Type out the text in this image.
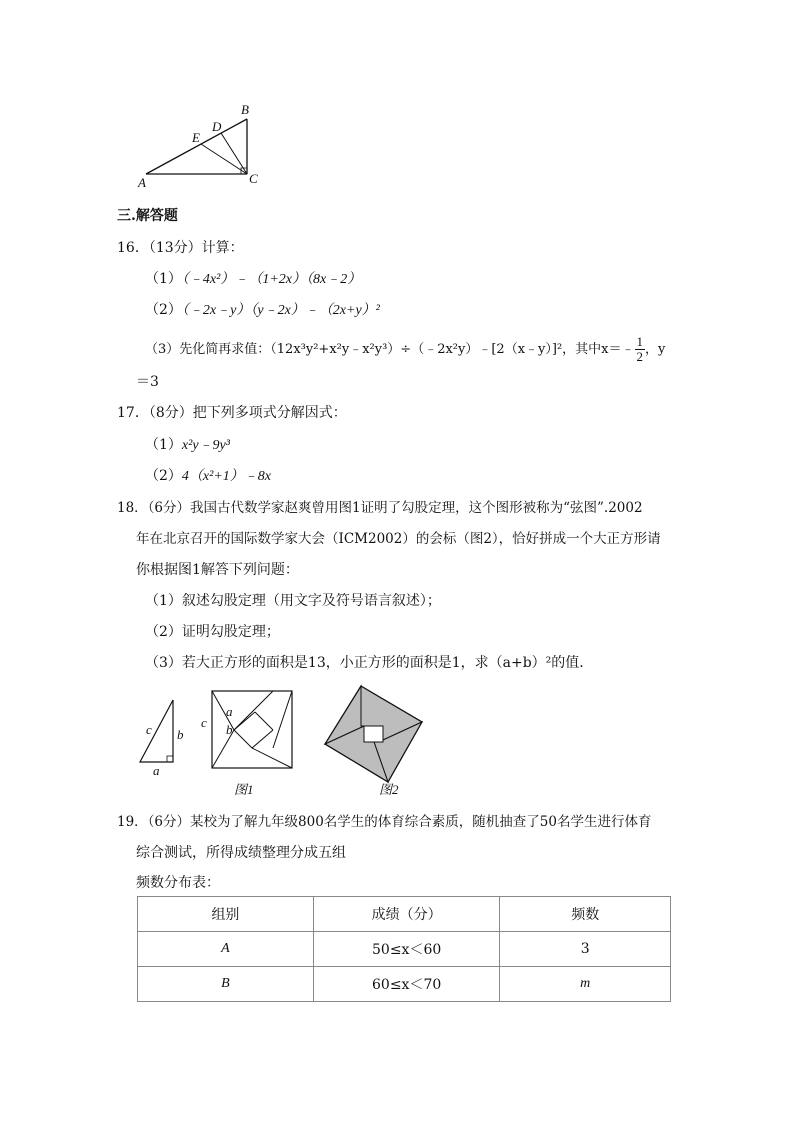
A
B
C
D
E
三.解答题
16．（13分）计算：
（1）（﹣4x²）﹣（1+2x）（8x﹣2）
（2）（﹣2x﹣y）（y﹣2x）﹣（2x+y）²
（3）先化简再求值：（12x³y²+x²y﹣x²y³）÷（﹣2x²y）﹣[2（x﹣y）]²，其中x＝﹣ $\frac{1}{2}$ ，y
＝3
17．（8分）把下列多项式分解因式：
（1）x²y﹣9y³
（2）4（x²+1）﹣8x
18．（6分）我国古代数学家赵爽曾用图1证明了勾股定理，这个图形被称为“弦图”.2002
年在北京召开的国际数学家大会（ICM2002）的会标（图2），恰好拼成一个大正方形请
你根据图1解答下列问题：
（1）叙述勾股定理（用文字及符号语言叙述）；
（2）证明勾股定理；
（3）若大正方形的面积是13，小正方形的面积是1，求（a+b）²的值.
c b
a
c
a
b
图1	图2
19．（6分）某校为了解九年级800名学生的体育综合素质，随机抽查了50名学生进行体育
综合测试，所得成绩整理分成五组
频数分布表：
组别	成绩（分）	频数
A	50≤x＜60	3
B	60≤x＜70	m
